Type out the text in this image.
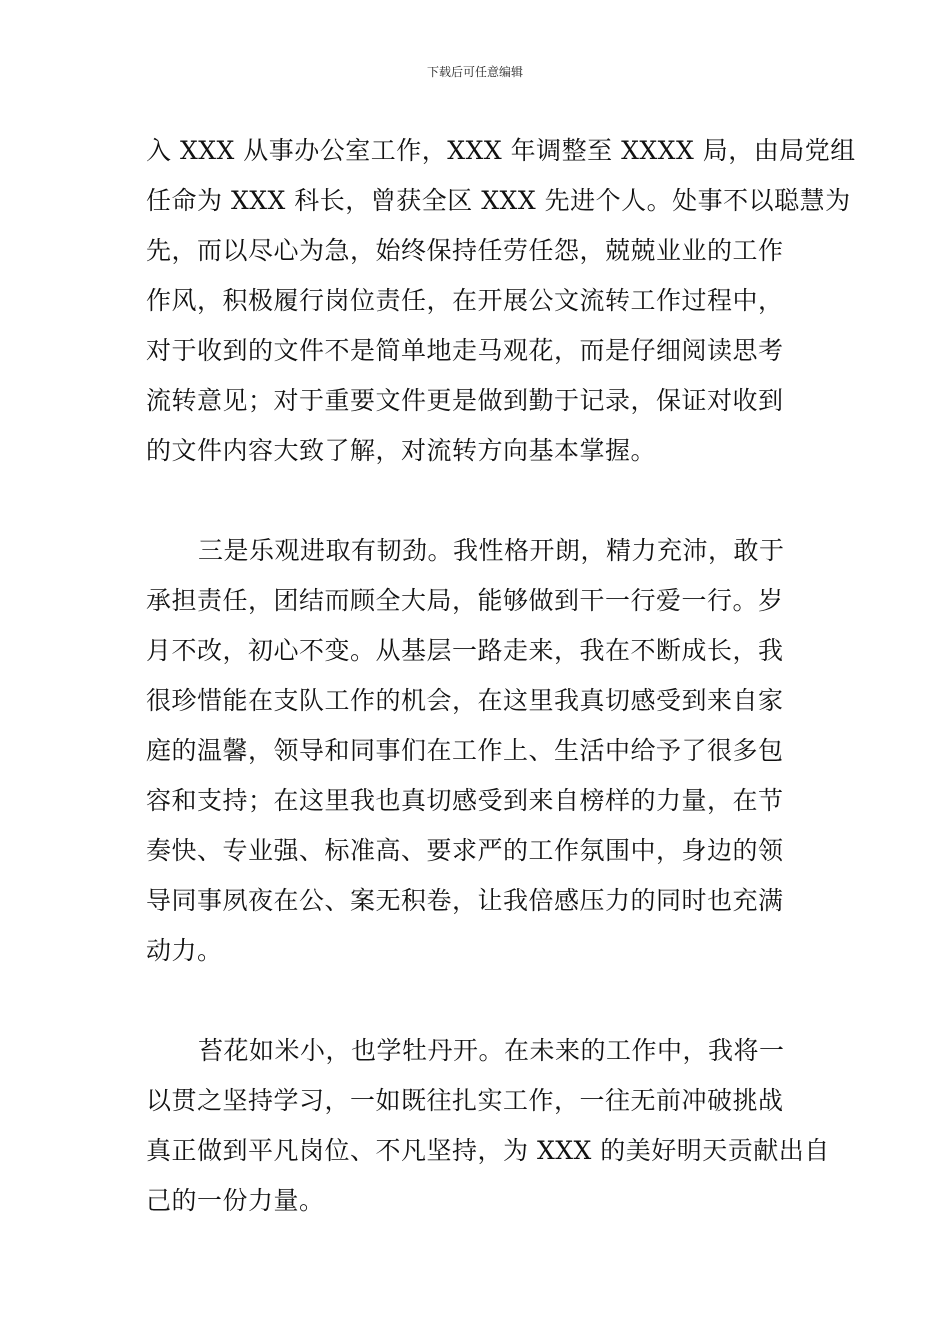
下载后可任意编辑
入 XXX 从事办公室工作，XXX 年调整至 XXXX 局，由局党组
任命为 XXX 科长，曾获全区 XXX 先进个人。处事不以聪慧为
先，而以尽心为急，始终保持任劳任怨，兢兢业业的工作
作风，积极履行岗位责任，在开展公文流转工作过程中，
对于收到的文件不是简单地走马观花，而是仔细阅读思考
流转意见；对于重要文件更是做到勤于记录，保证对收到
的文件内容大致了解，对流转方向基本掌握。
三是乐观进取有韧劲。我性格开朗，精力充沛，敢于
承担责任，团结而顾全大局，能够做到干一行爱一行。岁
月不改，初心不变。从基层一路走来，我在不断成长，我
很珍惜能在支队工作的机会，在这里我真切感受到来自家
庭的温馨，领导和同事们在工作上、生活中给予了很多包
容和支持；在这里我也真切感受到来自榜样的力量，在节
奏快、专业强、标准高、要求严的工作氛围中，身边的领
导同事夙夜在公、案无积卷，让我倍感压力的同时也充满
动力。
苔花如米小，也学牡丹开。在未来的工作中，我将一
以贯之坚持学习，一如既往扎实工作，一往无前冲破挑战
真正做到平凡岗位、不凡坚持，为 XXX 的美好明天贡献出自
己的一份力量。
